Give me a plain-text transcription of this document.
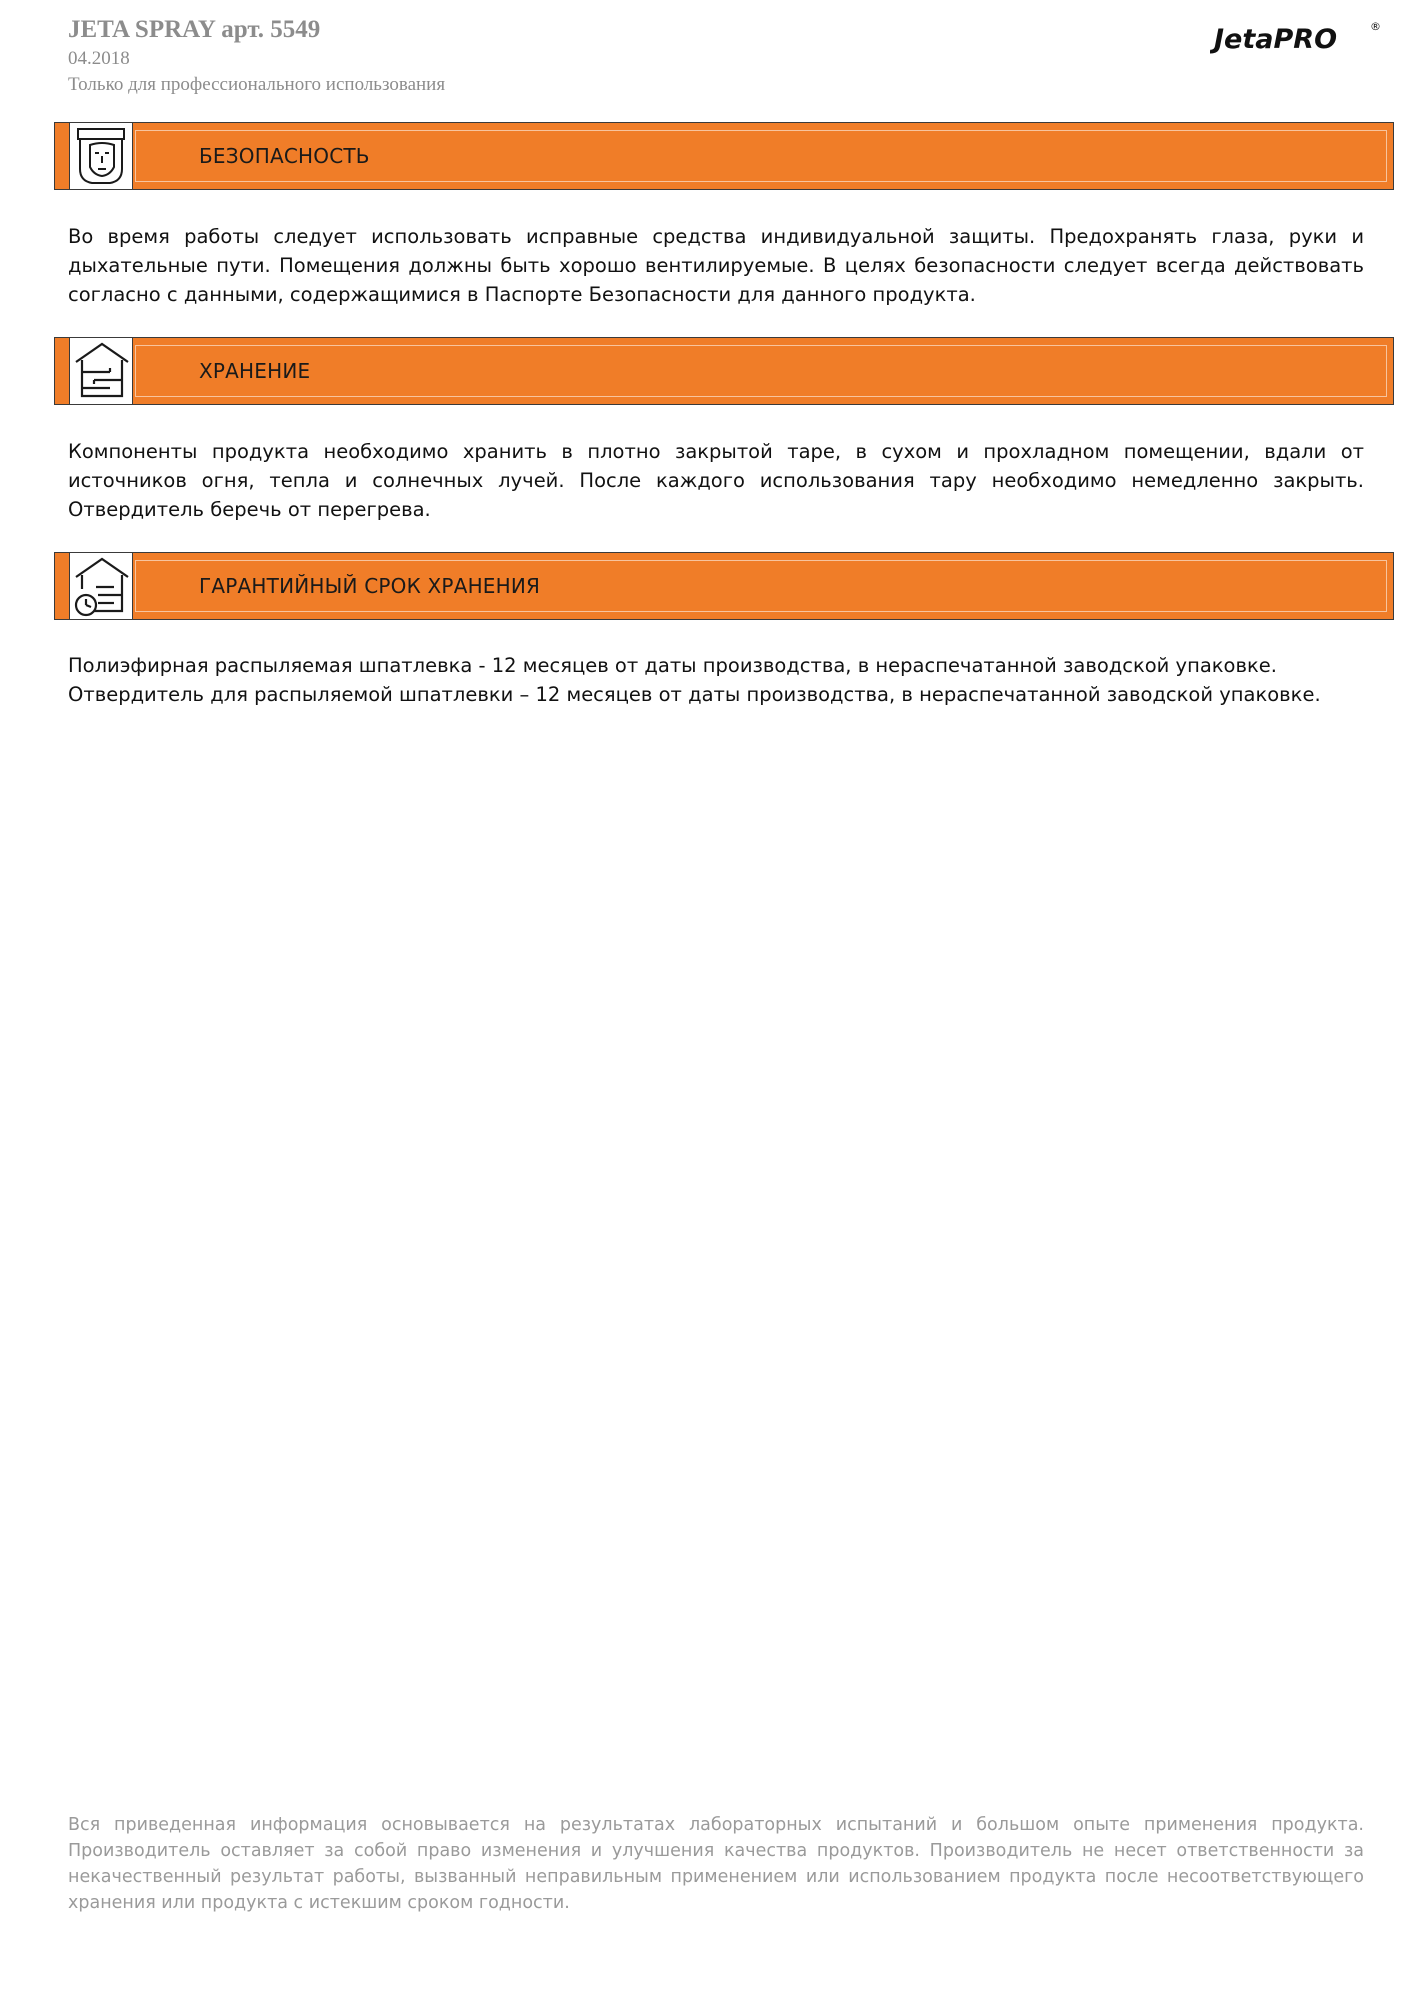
JETA SPRAY арт. 5549
04.2018
Только для профессионального использования
JetaPRO	®
БЕЗОПАСНОСТЬ

Во время работы следует использовать исправные средства индивидуальной защиты. Предохранять глаза, руки и дыхательные пути. Помещения должны быть хорошо вентилируемые. В целях безопасности следует всегда действовать согласно с данными, содержащимися в Паспорте Безопасности для данного продукта.

ХРАНЕНИЕ

Компоненты продукта необходимо хранить в плотно закрытой таре, в сухом и прохладном помещении, вдали от источников огня, тепла и солнечных лучей. После каждого использования тару необходимо немедленно закрыть. Отвердитель беречь от перегрева.

ГАРАНТИЙНЫЙ СРОК ХРАНЕНИЯ

Полиэфирная распыляемая шпатлевка - 12 месяцев от даты производства, в нераспечатанной заводской упаковке.

Отвердитель для распыляемой шпатлевки – 12 месяцев от даты производства, в нераспечатанной заводской упаковке.

Вся приведенная информация основывается на результатах лабораторных испытаний и большом опыте применения продукта. Производитель оставляет за собой право изменения и улучшения качества продуктов. Производитель не несет ответственности за некачественный результат работы, вызванный неправильным применением или использованием продукта после несоответствующего хранения или продукта с истекшим сроком годности.
